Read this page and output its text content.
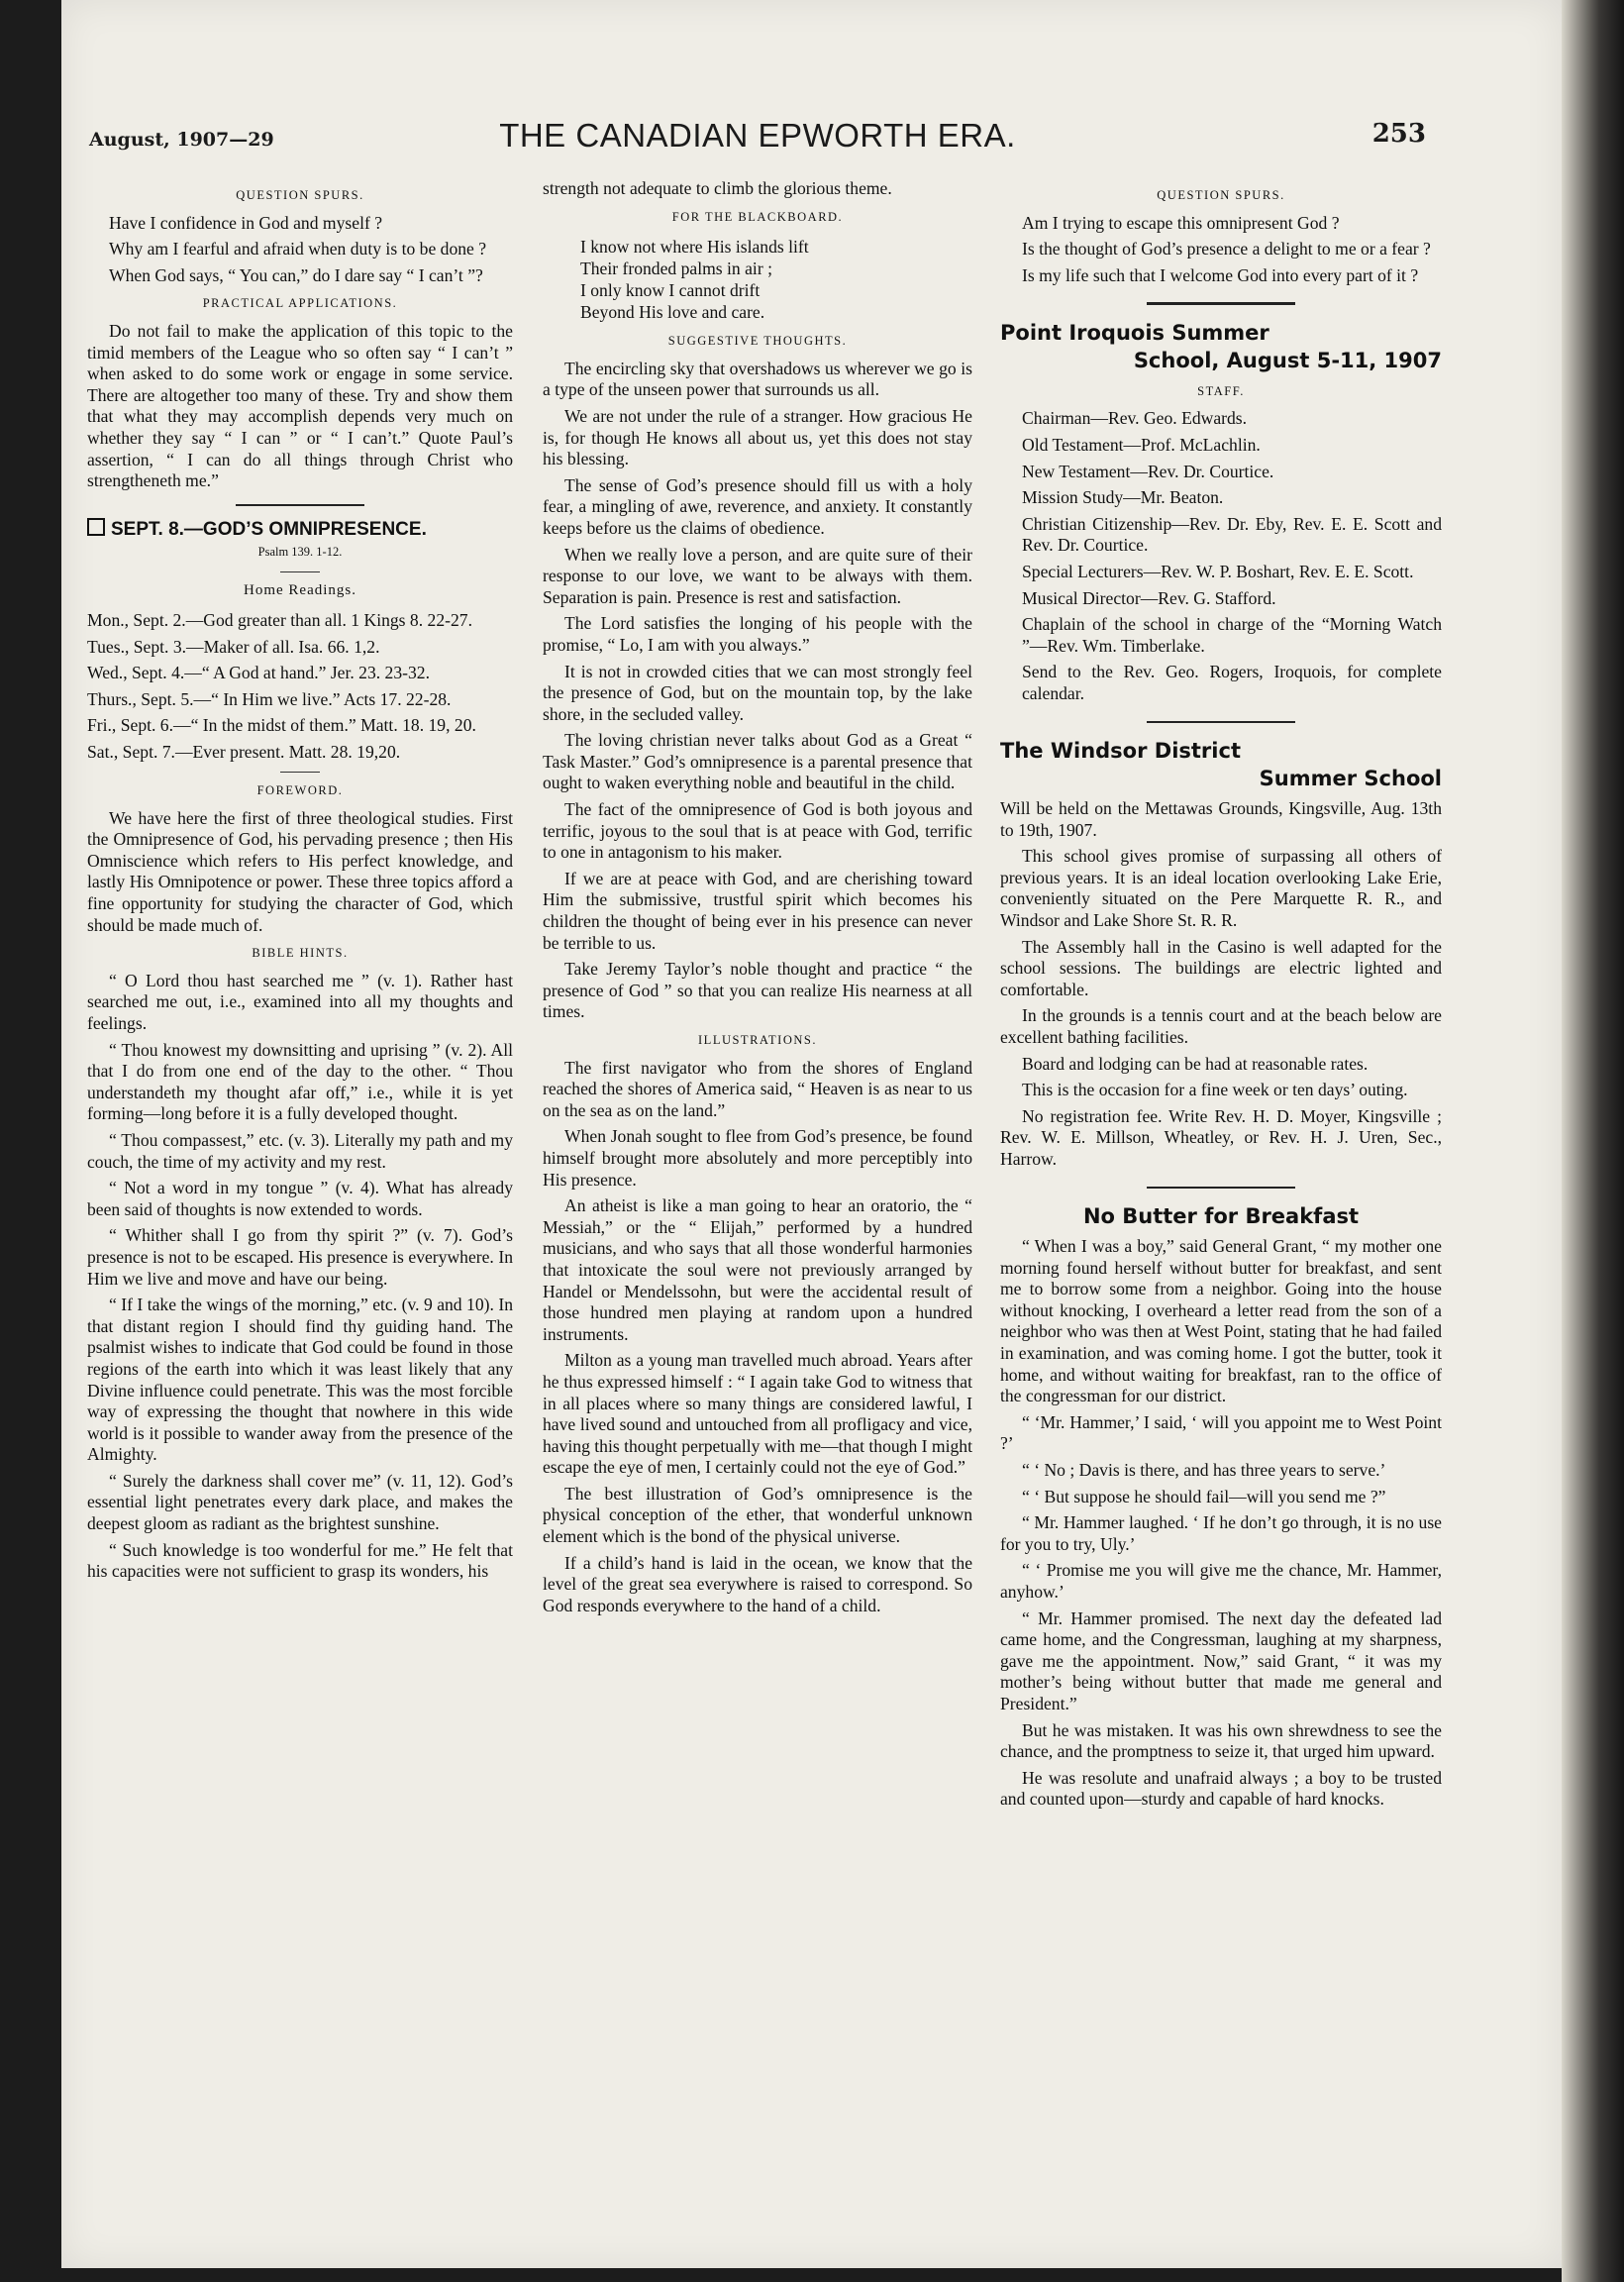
August, 1907—29	THE CANADIAN EPWORTH ERA.	253
QUESTION SPURS.

Have I confidence in God and myself ?

Why am I fearful and afraid when duty is to be done ?

When God says, “ You can,” do I dare say “ I can’t ”?

PRACTICAL APPLICATIONS.

Do not fail to make the application of this topic to the timid members of the League who so often say “ I can’t ” when asked to do some work or engage in some service. There are altogether too many of these. Try and show them that what they may accomplish depends very much on whether they say “ I can ” or “ I can’t.” Quote Paul’s assertion, “ I can do all things through Christ who strengtheneth me.”

SEPT. 8.—GOD’S OMNIPRESENCE.
Psalm 139. 1-12.
Home Readings.

Mon., Sept. 2.—God greater than all. 1 Kings 8. 22-27.

Tues., Sept. 3.—Maker of all. Isa. 66. 1,2.

Wed., Sept. 4.—“ A God at hand.” Jer. 23. 23-32.

Thurs., Sept. 5.—“ In Him we live.” Acts 17. 22-28.

Fri., Sept. 6.—“ In the midst of them.” Matt. 18. 19, 20.

Sat., Sept. 7.—Ever present. Matt. 28. 19,20.

FOREWORD.

We have here the first of three theological studies. First the Omnipresence of God, his pervading presence ; then His Omniscience which refers to His perfect knowledge, and lastly His Omnipotence or power. These three topics afford a fine opportunity for studying the character of God, which should be made much of.

BIBLE HINTS.

“ O Lord thou hast searched me ” (v. 1). Rather hast searched me out, i.e., examined into all my thoughts and feelings.

“ Thou knowest my downsitting and uprising ” (v. 2). All that I do from one end of the day to the other. “ Thou understandeth my thought afar off,” i.e., while it is yet forming—long before it is a fully developed thought.

“ Thou compassest,” etc. (v. 3). Literally my path and my couch, the time of my activity and my rest.

“ Not a word in my tongue ” (v. 4). What has already been said of thoughts is now extended to words.

“ Whither shall I go from thy spirit ?” (v. 7). God’s presence is not to be escaped. His presence is everywhere. In Him we live and move and have our being.

“ If I take the wings of the morning,” etc. (v. 9 and 10). In that distant region I should find thy guiding hand. The psalmist wishes to indicate that God could be found in those regions of the earth into which it was least likely that any Divine influence could penetrate. This was the most forcible way of expressing the thought that nowhere in this wide world is it possible to wander away from the presence of the Almighty.

“ Surely the darkness shall cover me” (v. 11, 12). God’s essential light penetrates every dark place, and makes the deepest gloom as radiant as the brightest sunshine.

“ Such knowledge is too wonderful for me.” He felt that his capacities were not sufficient to grasp its wonders, his

strength not adequate to climb the glorious theme.

FOR THE BLACKBOARD.
I know not where His islands lift
Their fronded palms in air ;
I only know I cannot drift
Beyond His love and care.
SUGGESTIVE THOUGHTS.

The encircling sky that overshadows us wherever we go is a type of the unseen power that surrounds us all.

We are not under the rule of a stranger. How gracious He is, for though He knows all about us, yet this does not stay his blessing.

The sense of God’s presence should fill us with a holy fear, a mingling of awe, reverence, and anxiety. It constantly keeps before us the claims of obedience.

When we really love a person, and are quite sure of their response to our love, we want to be always with them. Separation is pain. Presence is rest and satisfaction.

The Lord satisfies the longing of his people with the promise, “ Lo, I am with you always.”

It is not in crowded cities that we can most strongly feel the presence of God, but on the mountain top, by the lake shore, in the secluded valley.

The loving christian never talks about God as a Great “ Task Master.” God’s omnipresence is a parental presence that ought to waken everything noble and beautiful in the child.

The fact of the omnipresence of God is both joyous and terrific, joyous to the soul that is at peace with God, terrific to one in antagonism to his maker.

If we are at peace with God, and are cherishing toward Him the submissive, trustful spirit which becomes his children the thought of being ever in his presence can never be terrible to us.

Take Jeremy Taylor’s noble thought and practice “ the presence of God ” so that you can realize His nearness at all times.

ILLUSTRATIONS.

The first navigator who from the shores of England reached the shores of America said, “ Heaven is as near to us on the sea as on the land.”

When Jonah sought to flee from God’s presence, be found himself brought more absolutely and more perceptibly into His presence.

An atheist is like a man going to hear an oratorio, the “ Messiah,” or the “ Elijah,” performed by a hundred musicians, and who says that all those wonderful harmonies that intoxicate the soul were not previously arranged by Handel or Mendelssohn, but were the accidental result of those hundred men playing at random upon a hundred instruments.

Milton as a young man travelled much abroad. Years after he thus expressed himself : “ I again take God to witness that in all places where so many things are considered lawful, I have lived sound and untouched from all profligacy and vice, having this thought perpetually with me—that though I might escape the eye of men, I certainly could not the eye of God.”

The best illustration of God’s omnipresence is the physical conception of the ether, that wonderful unknown element which is the bond of the physical universe.

If a child’s hand is laid in the ocean, we know that the level of the great sea everywhere is raised to correspond. So God responds everywhere to the hand of a child.

QUESTION SPURS.

Am I trying to escape this omnipresent God ?

Is the thought of God’s presence a delight to me or a fear ?

Is my life such that I welcome God into every part of it ?

Point Iroquois Summer
School, August 5-11, 1907
STAFF.

Chairman—Rev. Geo. Edwards.

Old Testament—Prof. McLachlin.

New Testament—Rev. Dr. Courtice.

Mission Study—Mr. Beaton.

Christian Citizenship—Rev. Dr. Eby, Rev. E. E. Scott and Rev. Dr. Courtice.

Special Lecturers—Rev. W. P. Boshart, Rev. E. E. Scott.

Musical Director—Rev. G. Stafford.

Chaplain of the school in charge of the “Morning Watch ”—Rev. Wm. Timberlake.

Send to the Rev. Geo. Rogers, Iroquois, for complete calendar.

The Windsor District
Summer School

Will be held on the Mettawas Grounds, Kingsville, Aug. 13th to 19th, 1907.

This school gives promise of surpassing all others of previous years. It is an ideal location overlooking Lake Erie, conveniently situated on the Pere Marquette R. R., and Windsor and Lake Shore St. R. R.

The Assembly hall in the Casino is well adapted for the school sessions. The buildings are electric lighted and comfortable.

In the grounds is a tennis court and at the beach below are excellent bathing facilities.

Board and lodging can be had at reasonable rates.

This is the occasion for a fine week or ten days’ outing.

No registration fee. Write Rev. H. D. Moyer, Kingsville ; Rev. W. E. Millson, Wheatley, or Rev. H. J. Uren, Sec., Harrow.

No Butter for Breakfast

“ When I was a boy,” said General Grant, “ my mother one morning found herself without butter for breakfast, and sent me to borrow some from a neighbor. Going into the house without knocking, I overheard a letter read from the son of a neighbor who was then at West Point, stating that he had failed in examination, and was coming home. I got the butter, took it home, and without waiting for breakfast, ran to the office of the congressman for our district.

“ ‘Mr. Hammer,’ I said, ‘ will you appoint me to West Point ?’

“ ‘ No ; Davis is there, and has three years to serve.’

“ ‘ But suppose he should fail—will you send me ?”

“ Mr. Hammer laughed. ‘ If he don’t go through, it is no use for you to try, Uly.’

“ ‘ Promise me you will give me the chance, Mr. Hammer, anyhow.’

“ Mr. Hammer promised. The next day the defeated lad came home, and the Congressman, laughing at my sharpness, gave me the appointment. Now,” said Grant, “ it was my mother’s being without butter that made me general and President.”

But he was mistaken. It was his own shrewdness to see the chance, and the promptness to seize it, that urged him upward.

He was resolute and unafraid always ; a boy to be trusted and counted upon—sturdy and capable of hard knocks.
